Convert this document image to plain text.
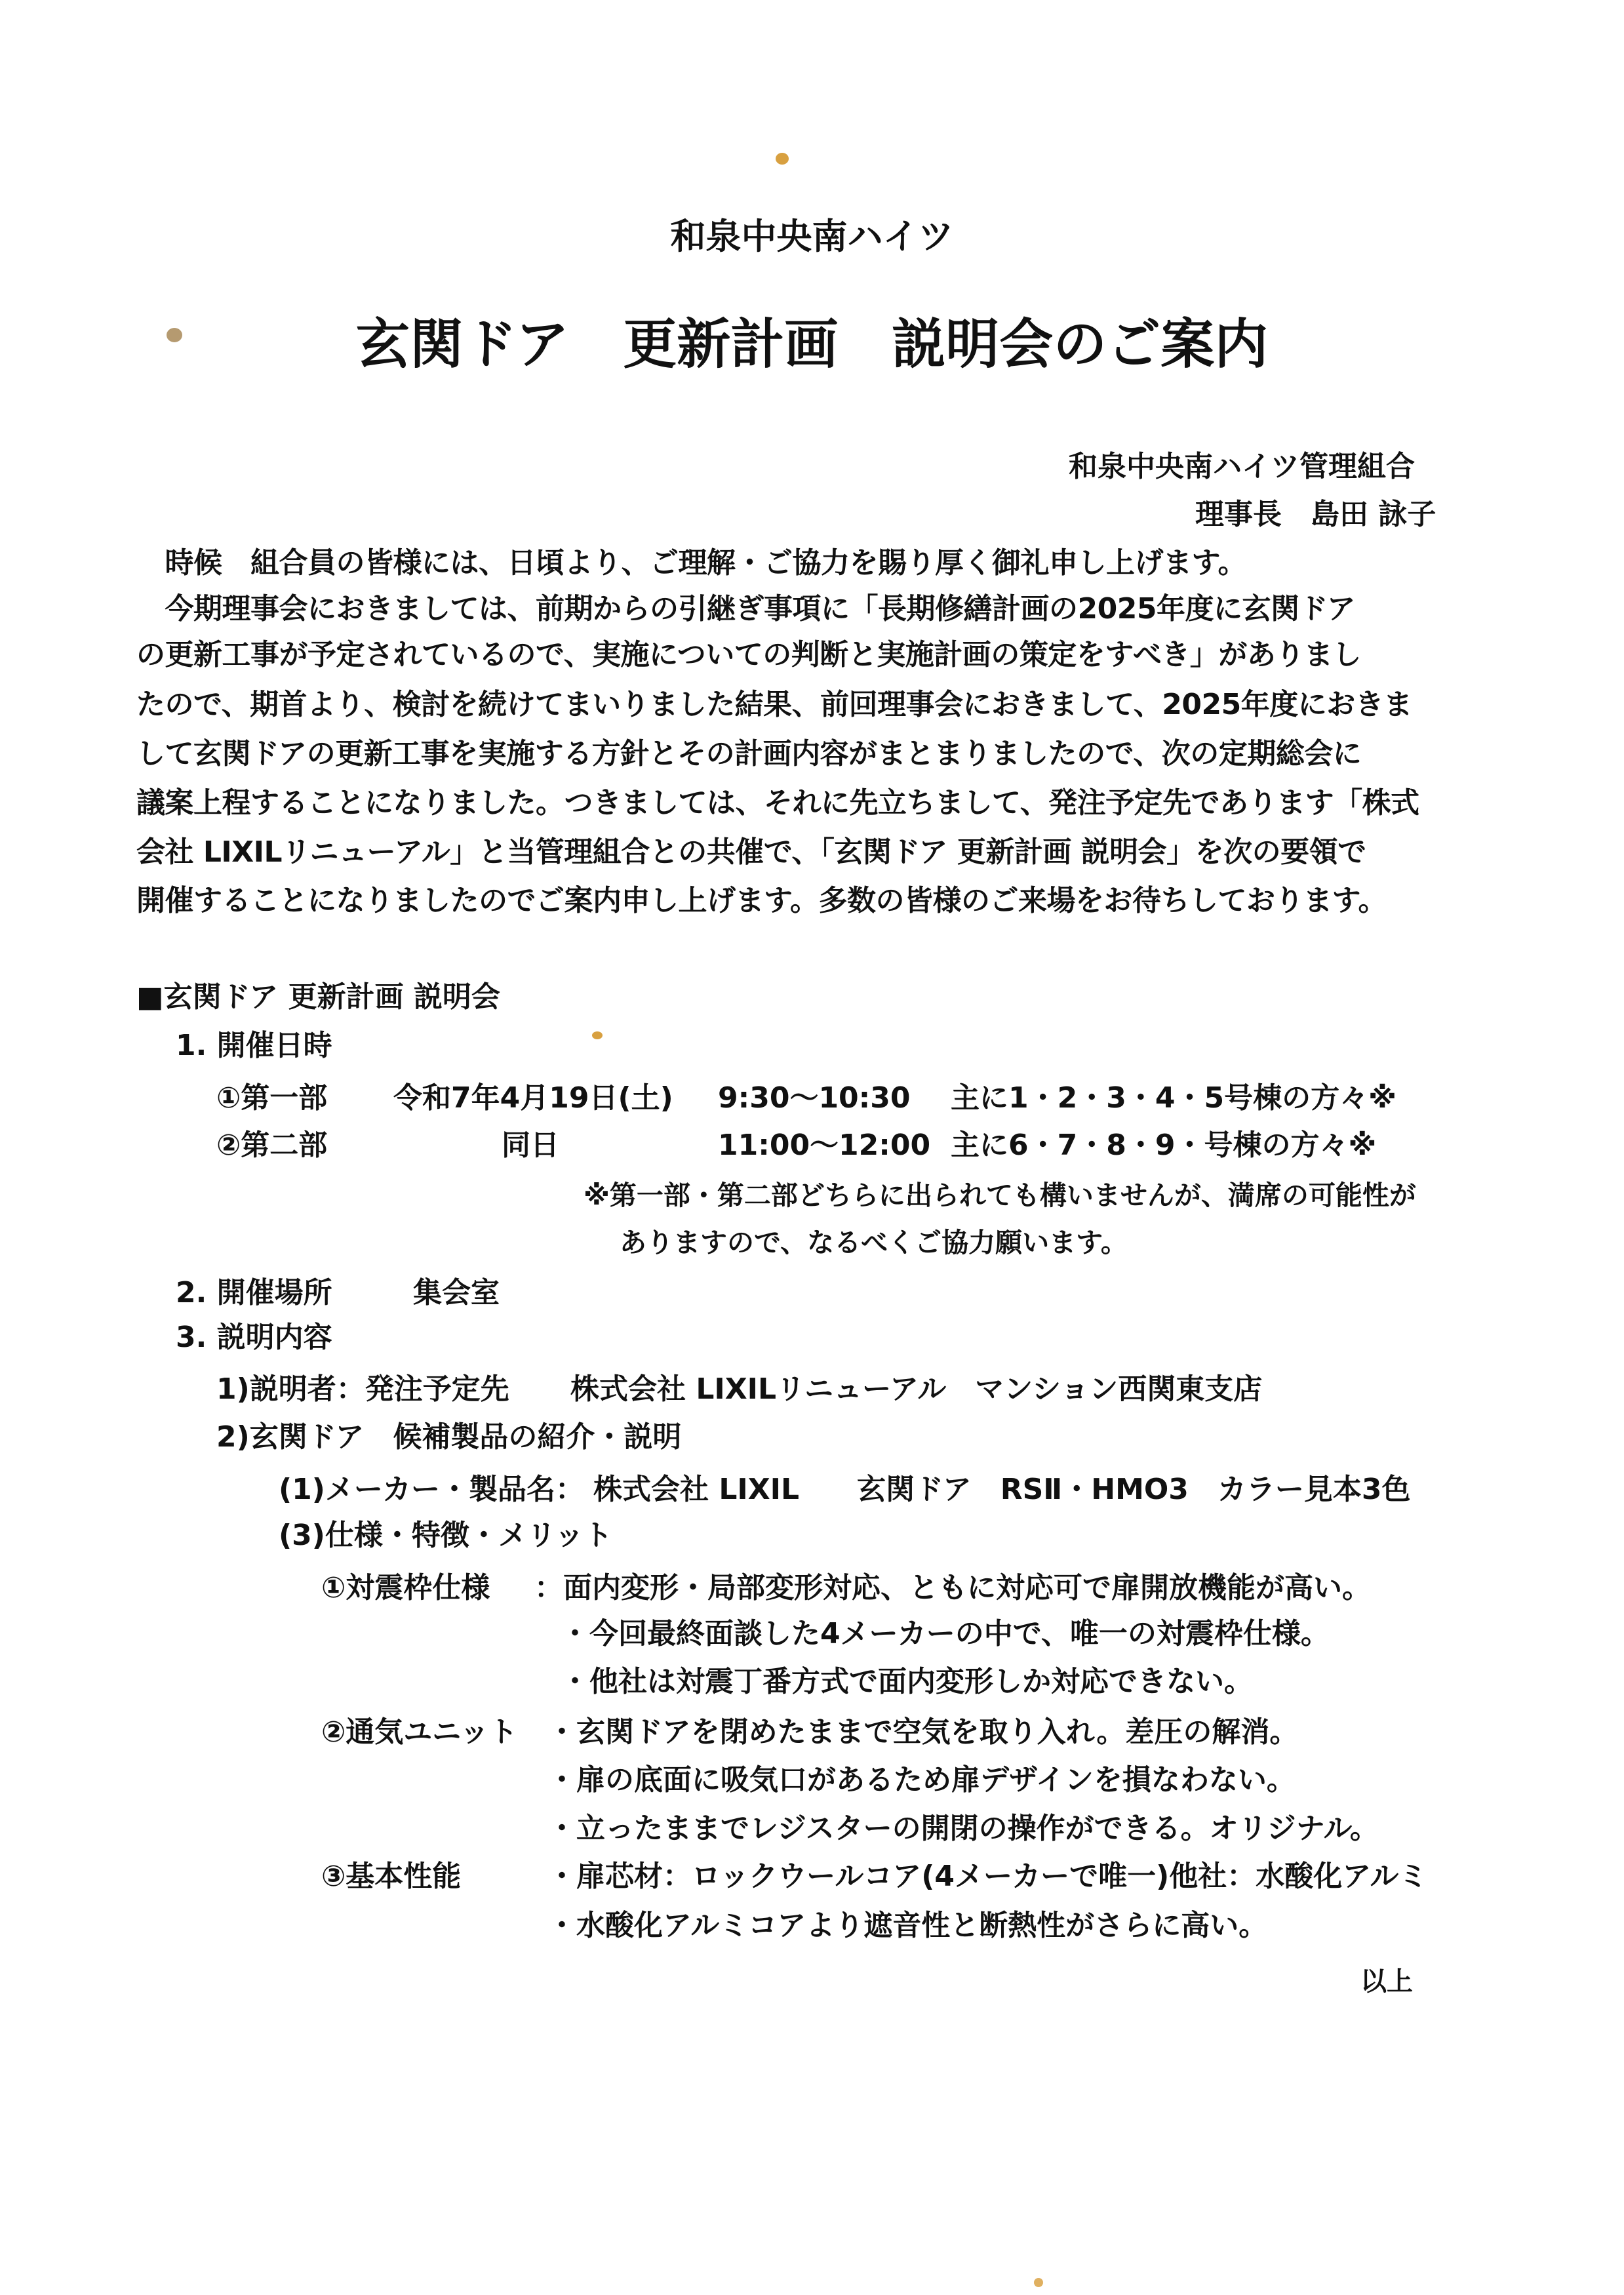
和泉中央南ハイツ
玄関ドア　更新計画　説明会のご案内
和泉中央南ハイツ管理組合
理事長　島田 詠子
　時候　組合員の皆様には、日頃より、ご理解・ご協力を賜り厚く御礼申し上げます。
　今期理事会におきましては、前期からの引継ぎ事項に「長期修繕計画の2025年度に玄関ドア
の更新工事が予定されているので、実施についての判断と実施計画の策定をすべき」がありまし
たので、期首より、検討を続けてまいりました結果、前回理事会におきまして、2025年度におきま
して玄関ドアの更新工事を実施する方針とその計画内容がまとまりましたので、次の定期総会に
議案上程することになりました。つきましては、それに先立ちまして、発注予定先であります「株式
会社 LIXILリニューアル」と当管理組合との共催で、「玄関ドア 更新計画 説明会」を次の要領で
開催することになりましたのでご案内申し上げます。多数の皆様のご来場をお待ちしております。
■玄関ドア 更新計画 説明会
1. 開催日時
①第一部 令和7年4月19日(土) 9:30～10:30 主に1・2・3・4・5号棟の方々※
②第二部	同日	11:00～12:00 主に6・7・8・9・号棟の方々※
※第一部・第二部どちらに出られても構いませんが、満席の可能性が
ありますので、なるべくご協力願います。
2. 開催場所	集会室
3. 説明内容
1)説明者：発注予定先 株式会社 LIXILリニューアル　マンション西関東支店
2)玄関ドア　候補製品の紹介・説明
(1)メーカー・製品名： 株式会社 LIXIL　　玄関ドア　RSⅡ・HMO3　カラー見本3色
(3)仕様・特徴・メリット
①対震枠仕様 ：面内変形・局部変形対応、ともに対応可で扉開放機能が高い。
・今回最終面談した4メーカーの中で、唯一の対震枠仕様。
・他社は対震丁番方式で面内変形しか対応できない。
②通気ユニット ・玄関ドアを閉めたままで空気を取り入れ。差圧の解消。
・扉の底面に吸気口があるため扉デザインを損なわない。
・立ったままでレジスターの開閉の操作ができる。オリジナル。
③基本性能	・扉芯材：ロックウールコア(4メーカーで唯一)他社：水酸化アルミ
・水酸化アルミコアより遮音性と断熱性がさらに高い。
以上
